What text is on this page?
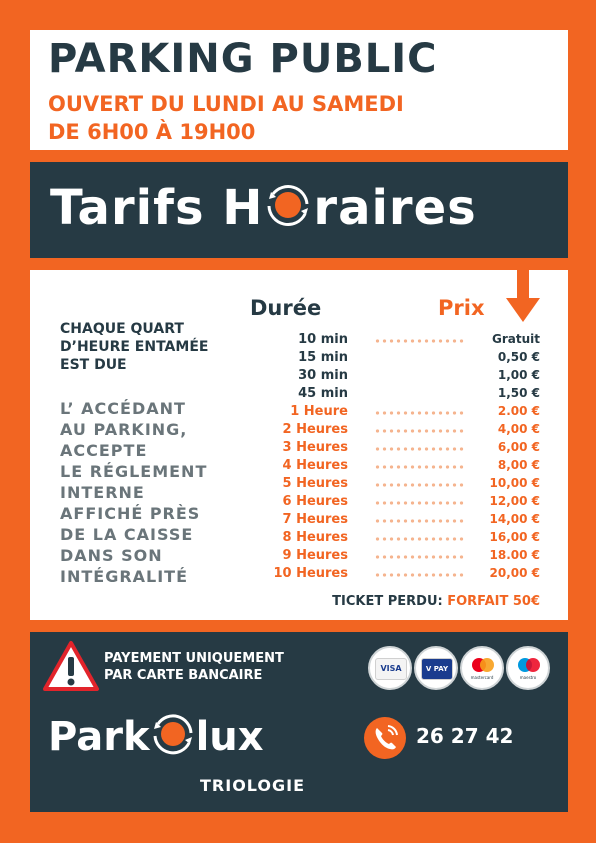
PARKING PUBLIC
OUVERT DU LUNDI AU SAMEDI
DE 6H00 À 19H00
Tarifs H raires
Durée	Prix
CHAQUE QUART
D’HEURE ENTAMÉE
EST DUE
L’ ACCÉDANT
AU PARKING,
ACCEPTE
LE RÉGLEMENT
INTERNE
AFFICHÉ PRÈS
DE LA CAISSE
DANS SON
INTÉGRALITÉ
10 min	Gratuit
15 min	0,50 €
30 min	1,00 €
45 min	1,50 €
1 Heure	2.00 €
2 Heures	4,00 €
3 Heures	6,00 €
4 Heures	8,00 €
5 Heures	10,00 €
6 Heures	12,00 €
7 Heures	14,00 €
8 Heures	16,00 €
9 Heures	18.00 €
10 Heures	20,00 €
TICKET PERDU: FORFAIT 50€
PAYEMENT UNIQUEMENT
PAR CARTE BANCAIRE	VISA	V PAY
mastercard	maestro
Park lux
TRIOLOGIE
26 27 42
